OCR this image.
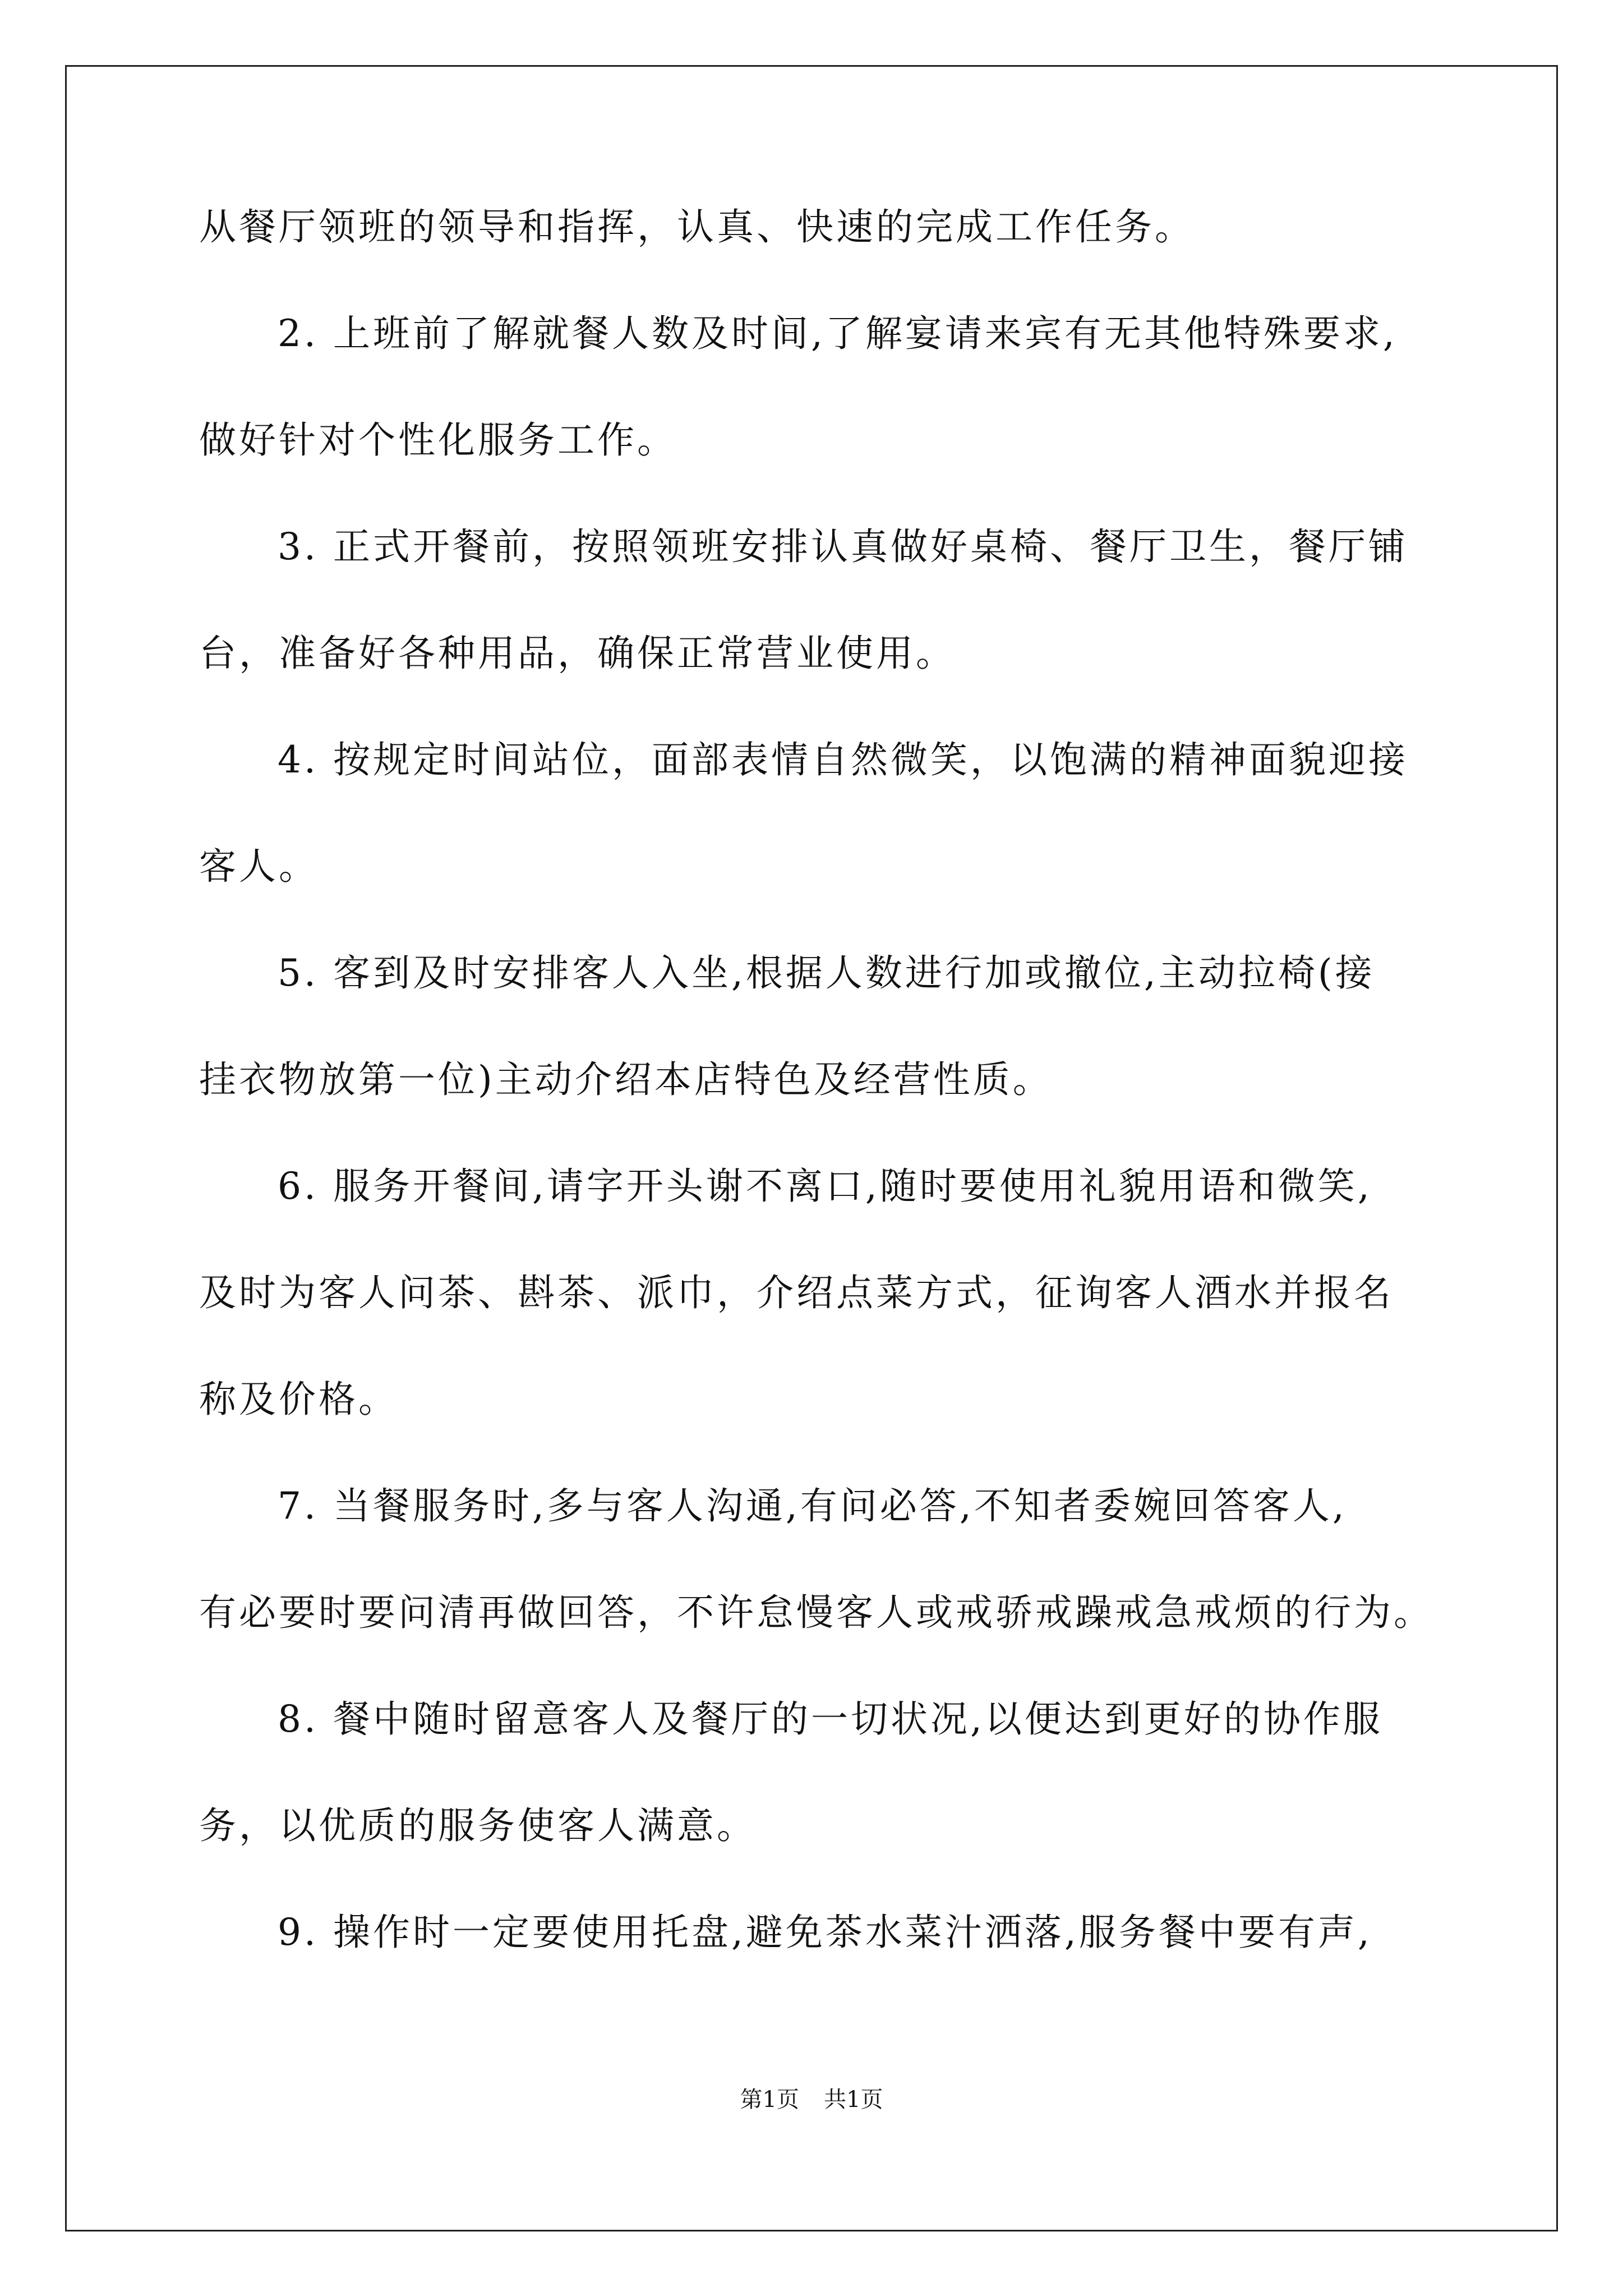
从餐厅领班的领导和指挥，认真、快速的完成工作任务。
2. 上班前了解就餐人数及时间,了解宴请来宾有无其他特殊要求,
做好针对个性化服务工作。
3. 正式开餐前，按照领班安排认真做好桌椅、餐厅卫生，餐厅铺
台，准备好各种用品，确保正常营业使用。
4. 按规定时间站位，面部表情自然微笑，以饱满的精神面貌迎接
客人。
5. 客到及时安排客人入坐,根据人数进行加或撤位,主动拉椅(接
挂衣物放第一位)主动介绍本店特色及经营性质。
6. 服务开餐间,请字开头谢不离口,随时要使用礼貌用语和微笑,
及时为客人问茶、斟茶、派巾，介绍点菜方式，征询客人酒水并报名
称及价格。
7. 当餐服务时,多与客人沟通,有问必答,不知者委婉回答客人,
有必要时要问清再做回答，不许怠慢客人或戒骄戒躁戒急戒烦的行为。
8. 餐中随时留意客人及餐厅的一切状况,以便达到更好的协作服
务，以优质的服务使客人满意。
9. 操作时一定要使用托盘,避免茶水菜汁洒落,服务餐中要有声,
第1页 共1页
